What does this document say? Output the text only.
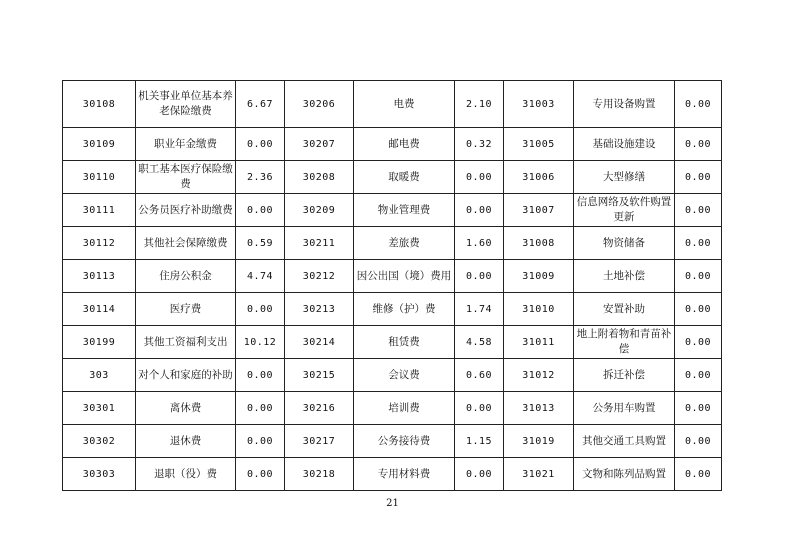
30108	机关事业单位基本养老保险缴费	6.67	30206	电费	2.10	31003	专用设备购置	0.00
30109	职业年金缴费	0.00	30207	邮电费	0.32	31005	基础设施建设	0.00
30110	职工基本医疗保险缴费	2.36	30208	取暖费	0.00	31006	大型修缮	0.00
30111	公务员医疗补助缴费	0.00	30209	物业管理费	0.00	31007	信息网络及软件购置更新	0.00
30112	其他社会保障缴费	0.59	30211	差旅费	1.60	31008	物资储备	0.00
30113	住房公积金	4.74	30212	因公出国（境）费用	0.00	31009	土地补偿	0.00
30114	医疗费	0.00	30213	维修（护）费	1.74	31010	安置补助	0.00
30199	其他工资福利支出	10.12	30214	租赁费	4.58	31011	地上附着物和青苗补偿	0.00
303	对个人和家庭的补助	0.00	30215	会议费	0.60	31012	拆迁补偿	0.00
30301	离休费	0.00	30216	培训费	0.00	31013	公务用车购置	0.00
30302	退休费	0.00	30217	公务接待费	1.15	31019	其他交通工具购置	0.00
30303	退职（役）费	0.00	30218	专用材料费	0.00	31021	文物和陈列品购置	0.00
21
